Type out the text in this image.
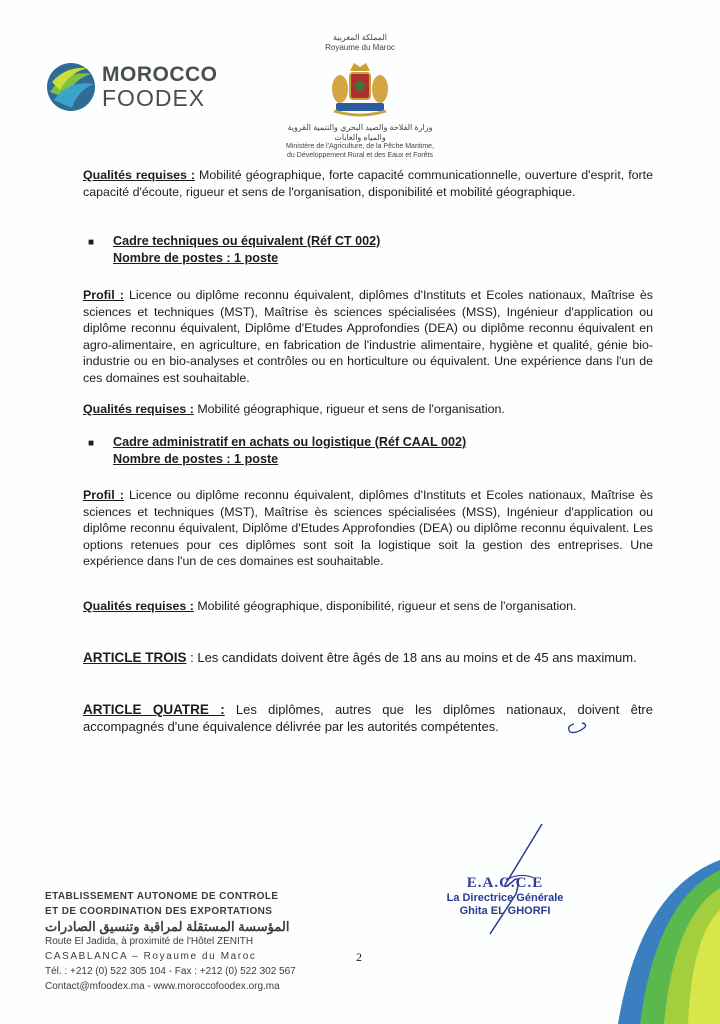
MOROCCO
FOODEX
المملكة المغربية
Royaume du Maroc
وزارة الفلاحة والصيد البحري والتنمية القروية والمياه والغابات
Ministère de l'Agriculture, de la Pêche Maritime, du Développement Rural et des Eaux et Forêts
Qualités requises : Mobilité géographique, forte capacité communicationnelle, ouverture d'esprit, forte capacité d'écoute, rigueur et sens de l'organisation, disponibilité et mobilité géographique.
■ Cadre techniques ou équivalent (Réf CT 002)
Nombre de postes : 1 poste
Profil : Licence ou diplôme reconnu équivalent, diplômes d'Instituts et Ecoles nationaux, Maîtrise ès sciences et techniques (MST), Maîtrise ès sciences spécialisées (MSS), Ingénieur d'application ou diplôme reconnu équivalent, Diplôme d'Etudes Approfondies (DEA) ou diplôme reconnu équivalent en agro-alimentaire, en agriculture, en fabrication de l'industrie alimentaire, hygiène et qualité, génie bio-industrie ou en bio-analyses et contrôles ou en horticulture ou équivalent. Une expérience dans l'un de ces domaines est souhaitable.
Qualités requises : Mobilité géographique, rigueur et sens de l'organisation.
■ Cadre administratif en achats ou logistique (Réf CAAL 002)
Nombre de postes : 1 poste
Profil : Licence ou diplôme reconnu équivalent, diplômes d'Instituts et Ecoles nationaux, Maîtrise ès sciences et techniques (MST), Maîtrise ès sciences spécialisées (MSS), Ingénieur d'application ou diplôme reconnu équivalent, Diplôme d'Etudes Approfondies (DEA) ou diplôme reconnu équivalent. Les options retenues pour ces diplômes sont soit la logistique soit la gestion des entreprises. Une expérience dans l'un de ces domaines est souhaitable.
Qualités requises : Mobilité géographique, disponibilité, rigueur et sens de l'organisation.
ARTICLE TROIS : Les candidats doivent être âgés de 18 ans au moins et de 45 ans maximum.
ARTICLE QUATRE : Les diplômes, autres que les diplômes nationaux, doivent être accompagnés d'une équivalence délivrée par les autorités compétentes.
E.A.C.C.E
La Directrice Générale
Ghita EL GHORFI
ETABLISSEMENT AUTONOME DE CONTROLE
ET DE COORDINATION DES EXPORTATIONS
المؤسسة المستقلة لمراقبة وتنسيق الصادرات
Route El Jadida, à proximité de l'Hôtel ZENITH
CASABLANCA – Royaume du Maroc
Tél. : +212 (0) 522 305 104 - Fax : +212 (0) 522 302 567
Contact@mfoodex.ma - www.moroccofoodex.org.ma
2
